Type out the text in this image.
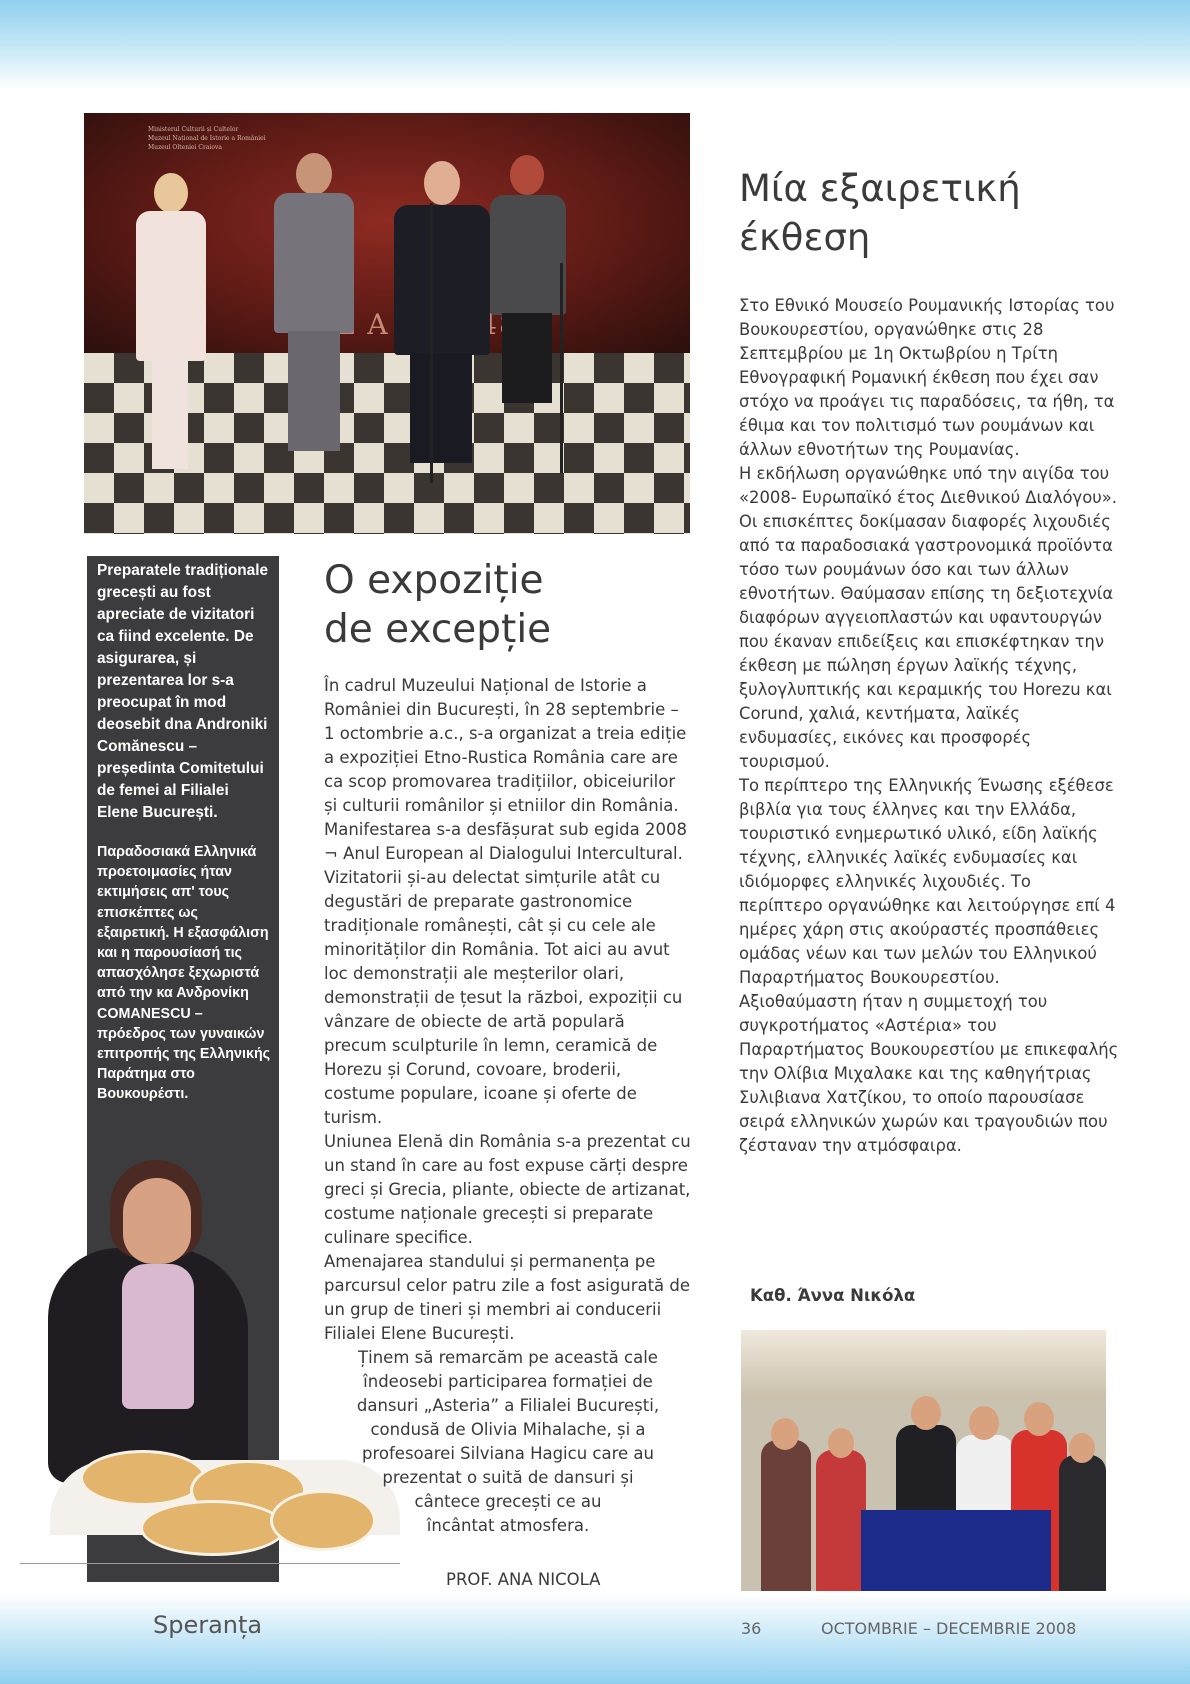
Ministerul Culturii și Cultelor
Muzeul Național de Istorie a României
Muzeul Olteniei Craiova
A

Preparatele tradiționale grecești au fost apreciate de vizitatori ca fiind excelente. De asigurarea, și prezentarea lor s-a preocupat în mod deosebit dna Androniki Comănescu – președinta Comitetului de femei al Filialei Elene București.

Παραδοσιακά Ελληνικά προετοιμασίες ήταν εκτιμήσεις απ' τους επισκέπτες ως εξαιρετική. Η εξασφάλιση και η παρουσίασή τις απασχόλησε ξεχωριστά από την κα Ανδρονίκη COMANESCU – πρόεδρος των γυναικών επιτροπής της Ελληνικής Παράτημα στο Βουκουρέστι.

O expoziție
de excepție

În cadrul Muzeului Național de Istorie a României din București, în 28 septembrie – 1 octombrie a.c., s-a organizat a treia ediție a expoziției Etno-Rustica România care are ca scop promovarea tradițiilor, obiceiurilor și culturii românilor și etniilor din România.

Manifestarea s-a desfășurat sub egida 2008 ¬ Anul European al Dialogului Intercultural. Vizitatorii și-au delectat simțurile atât cu degustări de preparate gastronomice tradiționale românești, cât și cu cele ale minorităților din România. Tot aici au avut loc demonstrații ale meșterilor olari, demonstrații de țesut la război, expoziții cu vânzare de obiecte de artă populară precum sculpturile în lemn, ceramică de Horezu și Corund, covoare, broderii, costume populare, icoane și oferte de turism.

Uniunea Elenă din România s-a prezentat cu un stand în care au fost expuse cărți despre greci și Grecia, pliante, obiecte de artizanat, costume naționale grecești si preparate culinare specifice.

Amenajarea standului și permanența pe parcursul celor patru zile a fost asigurată de un grup de tineri și membri ai conducerii Filialei Elene București.

Ținem să remarcăm pe această cale
îndeosebi participarea formației de
dansuri „Asteria” a Filialei București,
condusă de Olivia Mihalache, și a
profesoarei Silviana Hagicu care au
prezentat o suită de dansuri și
cântece grecești ce au
încântat atmosfera.

PROF. ANA NICOLA
Μία εξαιρετική
έκθεση

Στο Εθνικό Μουσείο Ρουμανικής Ιστορίας του Βουκουρεστίου, οργανώθηκε στις 28 Σεπτεμβρίου με 1η Οκτωβρίου η Τρίτη Εθνογραφική Ρομανική έκθεση που έχει σαν στόχο να προάγει τις παραδόσεις, τα ήθη, τα έθιμα και τον πολιτισμό των ρουμάνων και άλλων εθνοτήτων της Ρουμανίας.

Η εκδήλωση οργανώθηκε υπό την αιγίδα του «2008- Ευρωπαϊκό έτος Διεθνικού Διαλόγου». Οι επισκέπτες δοκίμασαν διαφορές λιχουδιές από τα παραδοσιακά γαστρονομικά προϊόντα τόσο των ρουμάνων όσο και των άλλων εθνοτήτων. Θαύμασαν επίσης τη δεξιοτεχνία διαφόρων αγγειοπλαστών και υφαντουργών που έκαναν επιδείξεις και επισκέφτηκαν την έκθεση με πώληση έργων λαϊκής τέχνης, ξυλογλυπτικής και κεραμικής του Horezu και Corund, χαλιά, κεντήματα, λαϊκές ενδυμασίες, εικόνες και προσφορές τουρισμού.

Το περίπτερο της Ελληνικής Ένωσης εξέθεσε βιβλία για τους έλληνες και την Ελλάδα, τουριστικό ενημερωτικό υλικό, είδη λαϊκής τέχνης, ελληνικές λαϊκές ενδυμασίες και ιδιόμορφες ελληνικές λιχουδιές. Το περίπτερο οργανώθηκε και λειτούργησε επί 4 ημέρες χάρη στις ακούραστές προσπάθειες ομάδας νέων και των μελών του Ελληνικού Παραρτήματος Βουκουρεστίου.

Αξιοθαύμαστη ήταν η συμμετοχή του συγκροτήματος «Αστέρια» του Παραρτήματος Βουκουρεστίου με επικεφαλής την Ολίβια Μιχαλακε και της καθηγήτριας Συλιβιανα Χατζίκου, το οποίο παρουσίασε σειρά ελληνικών χωρών και τραγουδιών που ζέσταναν την ατμόσφαιρα.

Καθ. Άννα Νικόλα
Speranța	36	OCTOMBRIE – DECEMBRIE 2008
